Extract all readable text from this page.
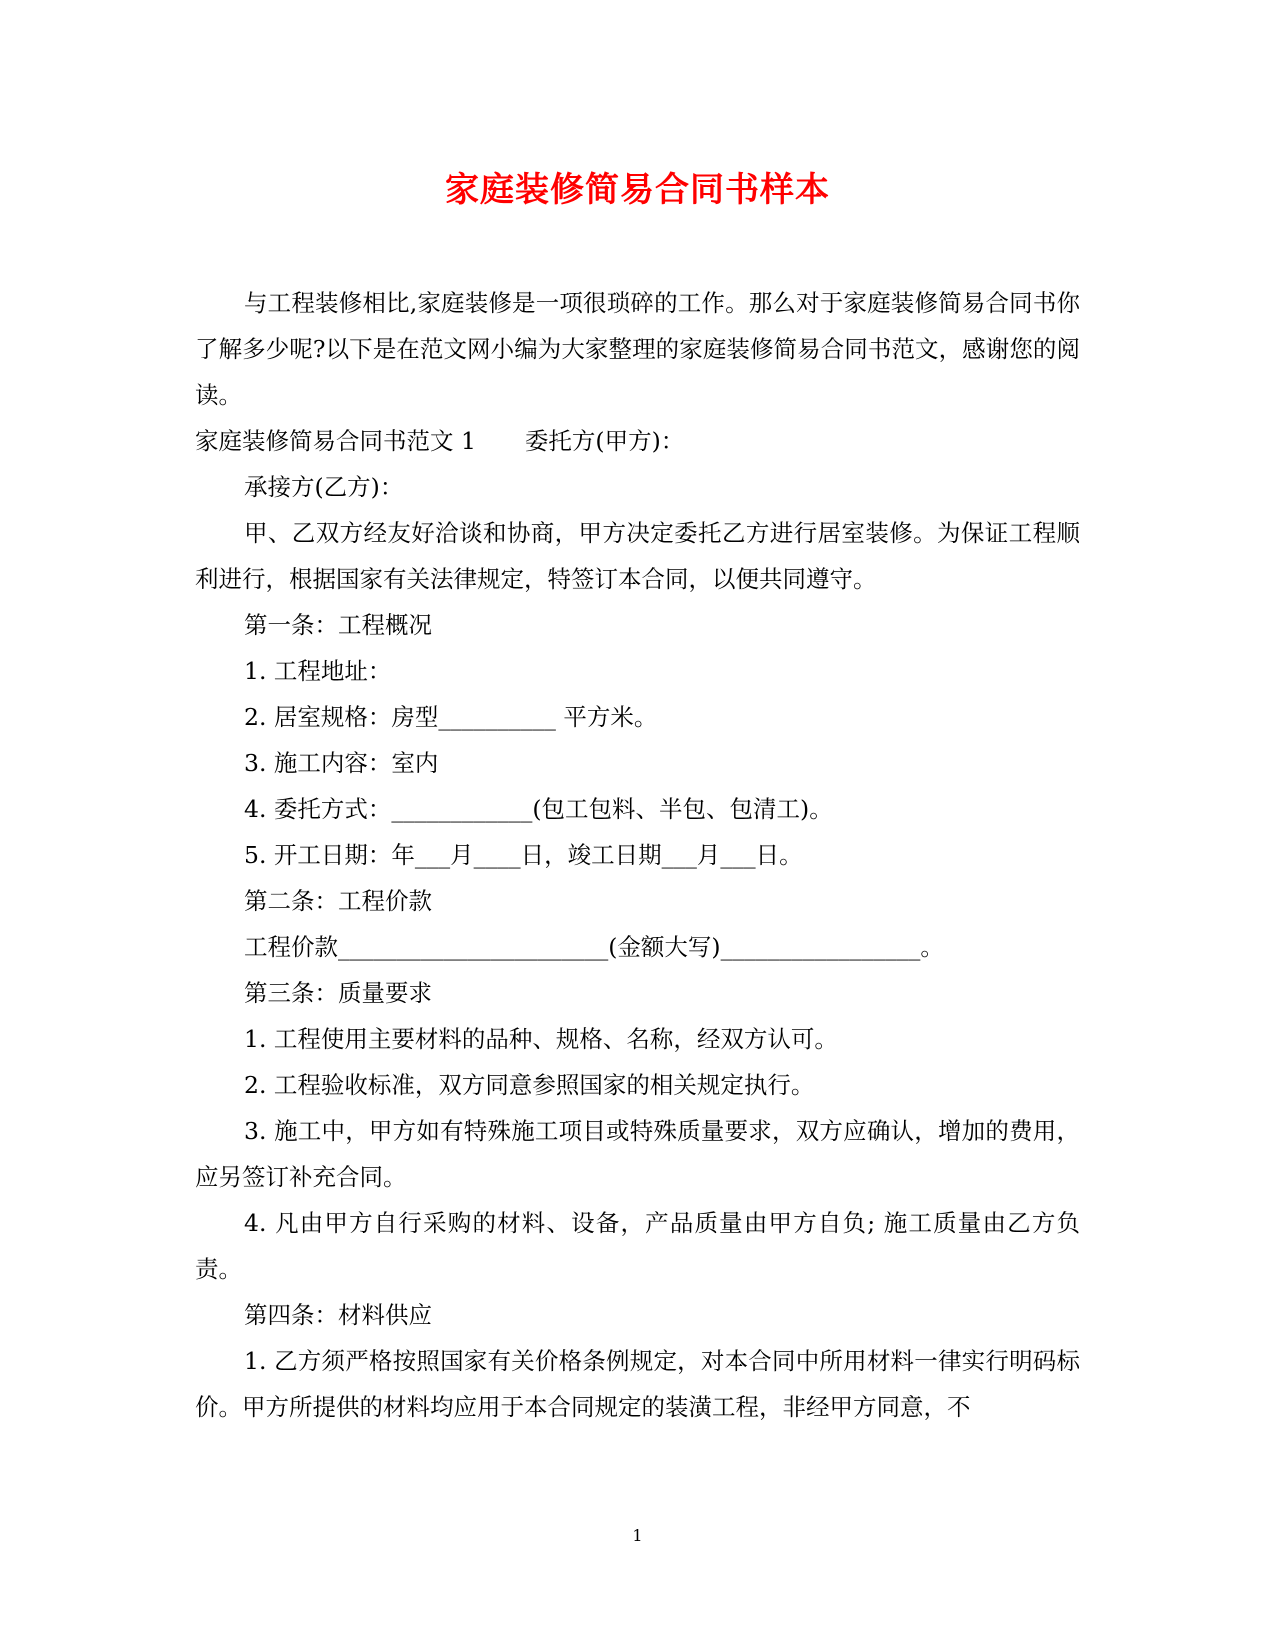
家庭装修简易合同书样本

与工程装修相比,家庭装修是一项很琐碎的工作。那么对于家庭装修简易合同书你了解多少呢?以下是在范文网小编为大家整理的家庭装修简易合同书范文，感谢您的阅读。

家庭装修简易合同书范文 1 委托方(甲方)：

承接方(乙方)：

甲、乙双方经友好洽谈和协商，甲方决定委托乙方进行居室装修。为保证工程顺利进行，根据国家有关法律规定，特签订本合同，以便共同遵守。

第一条：工程概况

1. 工程地址：

2. 居室规格：房型__________ 平方米。

3. 施工内容：室内

4. 委托方式：____________(包工包料、半包、包清工)。

5. 开工日期：年___月____日，竣工日期___月___日。

第二条：工程价款

工程价款_______________________(金额大写)_________________。

第三条：质量要求

1. 工程使用主要材料的品种、规格、名称，经双方认可。

2. 工程验收标准，双方同意参照国家的相关规定执行。

3. 施工中，甲方如有特殊施工项目或特殊质量要求，双方应确认，增加的费用，应另签订补充合同。

4. 凡由甲方自行采购的材料、设备，产品质量由甲方自负; 施工质量由乙方负责。

第四条：材料供应

1. 乙方须严格按照国家有关价格条例规定，对本合同中所用材料一律实行明码标价。甲方所提供的材料均应用于本合同规定的装潢工程，非经甲方同意，不

1
